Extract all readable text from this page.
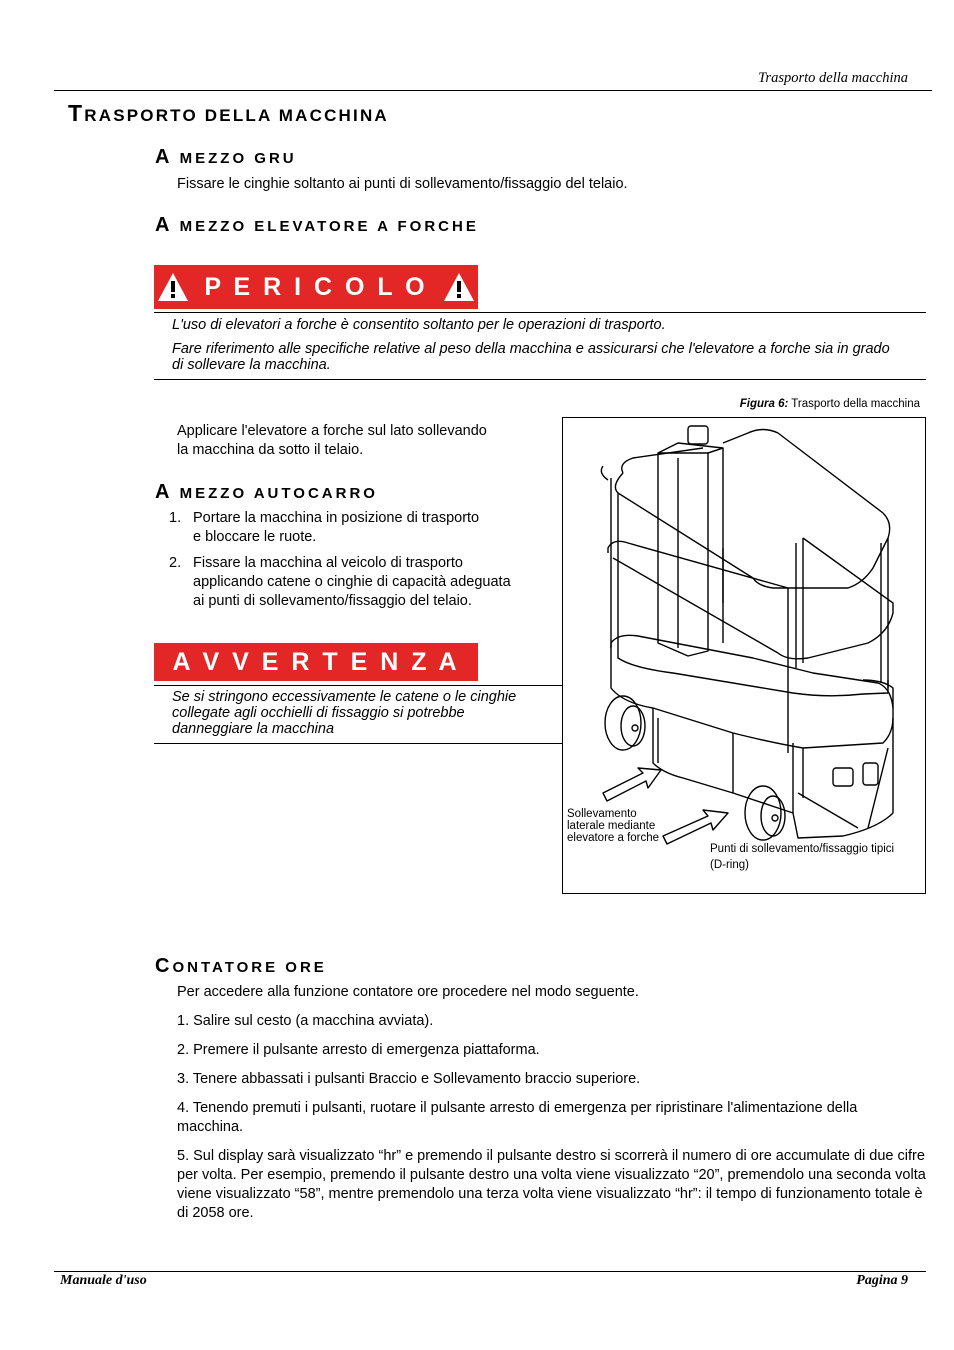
Trasporto della macchina
TRASPORTO DELLA MACCHINA
A MEZZO GRU
Fissare le cinghie soltanto ai punti di sollevamento/fissaggio del telaio.
A MEZZO ELEVATORE A FORCHE
P E R I C O L O
L'uso di elevatori a forche è consentito soltanto per le operazioni di trasporto.
Fare riferimento alle specifiche relative al peso della macchina e assicurarsi che l'elevatore a forche sia in grado di sollevare la macchina.
Applicare l'elevatore a forche sul lato sollevando
la macchina da sotto il telaio.
A MEZZO AUTOCARRO
1. Portare la macchina in posizione di trasporto
e bloccare le ruote.
2. Fissare la macchina al veicolo di trasporto
applicando catene o cinghie di capacità adeguata
ai punti di sollevamento/fissaggio del telaio.
A V V E R T E N Z A
Se si stringono eccessivamente le catene o le cinghie
collegate agli occhielli di fissaggio si potrebbe
danneggiare la macchina
Figura 6: Trasporto della macchina
Sollevamento
laterale mediante
elevatore a forche
Punti di sollevamento/fissaggio tipici
(D-ring)
CONTATORE ORE
Per accedere alla funzione contatore ore procedere nel modo seguente.
1. Salire sul cesto (a macchina avviata).
2. Premere il pulsante arresto di emergenza piattaforma.
3. Tenere abbassati i pulsanti Braccio e Sollevamento braccio superiore.
4. Tenendo premuti i pulsanti, ruotare il pulsante arresto di emergenza per ripristinare l'alimentazione della macchina.
5. Sul display sarà visualizzato “hr” e premendo il pulsante destro si scorrerà il numero di ore accumulate di due cifre per volta. Per esempio, premendo il pulsante destro una volta viene visualizzato “20”, premendolo una seconda volta viene visualizzato “58”, mentre premendolo una terza volta viene visualizzato “hr”: il tempo di funzionamento totale è di 2058 ore.
Manuale d'uso	Pagina 9
